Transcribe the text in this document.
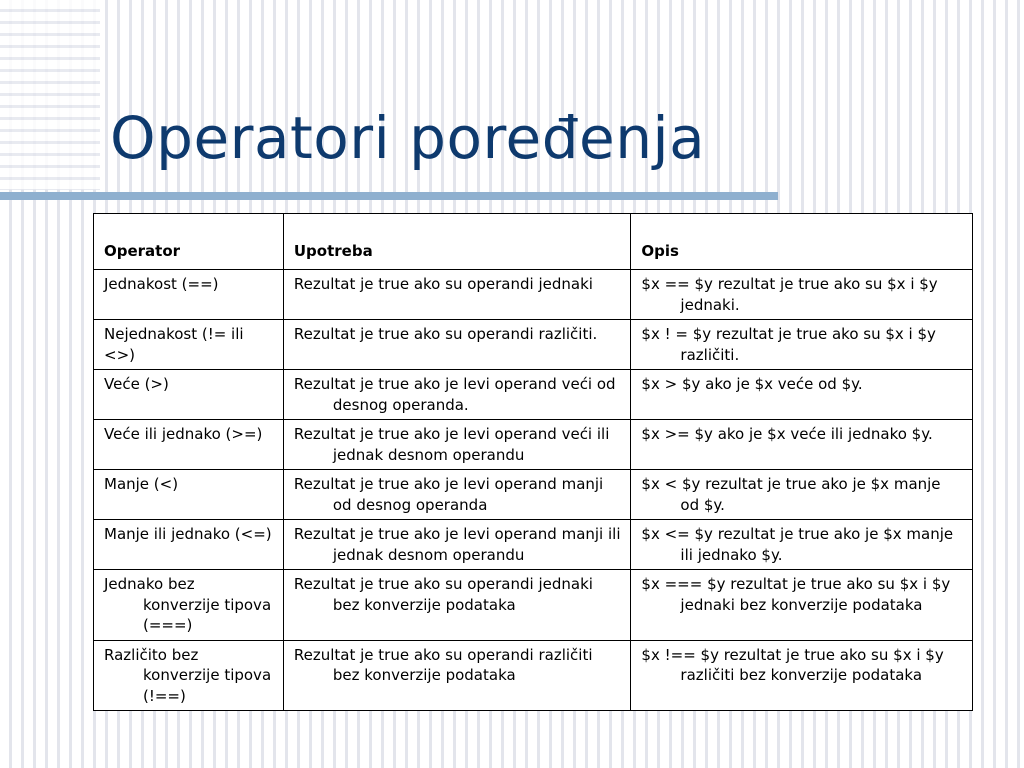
Operatori poređenja
Operator	Upotreba	Opis

Jednakost (==)	Rezultat je true ako su operandi jednaki	$x == $y rezultat je true ako su $x i $y jednaki.

Nejednakost (!= ili <>)	Rezultat je true ako su operandi različiti.	$x ! = $y rezultat je true ako su $x i $y različiti.

Veće (>)	Rezultat je true ako je levi operand veći od desnog operanda.	$x > $y ako je $x veće od $y.

Veće ili jednako (>=)	Rezultat je true ako je levi operand veći ili jednak desnom operandu	$x >= $y ako je $x veće ili jednako $y.

Manje (<)	Rezultat je true ako je levi operand manji od desnog operanda	$x < $y rezultat je true ako je $x manje od $y.

Manje ili jednako (<=)	Rezultat je true ako je levi operand manji ili jednak desnom operandu	$x <= $y rezultat je true ako je $x manje ili jednako $y.

Jednako bez konverzije tipova (===)	Rezultat je true ako su operandi jednaki bez konverzije podataka	$x === $y rezultat je true ako su $x i $y jednaki bez konverzije podataka

Različito bez konverzije tipova (!==)	Rezultat je true ako su operandi različiti bez konverzije podataka	$x !== $y rezultat je true ako su $x i $y različiti bez konverzije podataka
